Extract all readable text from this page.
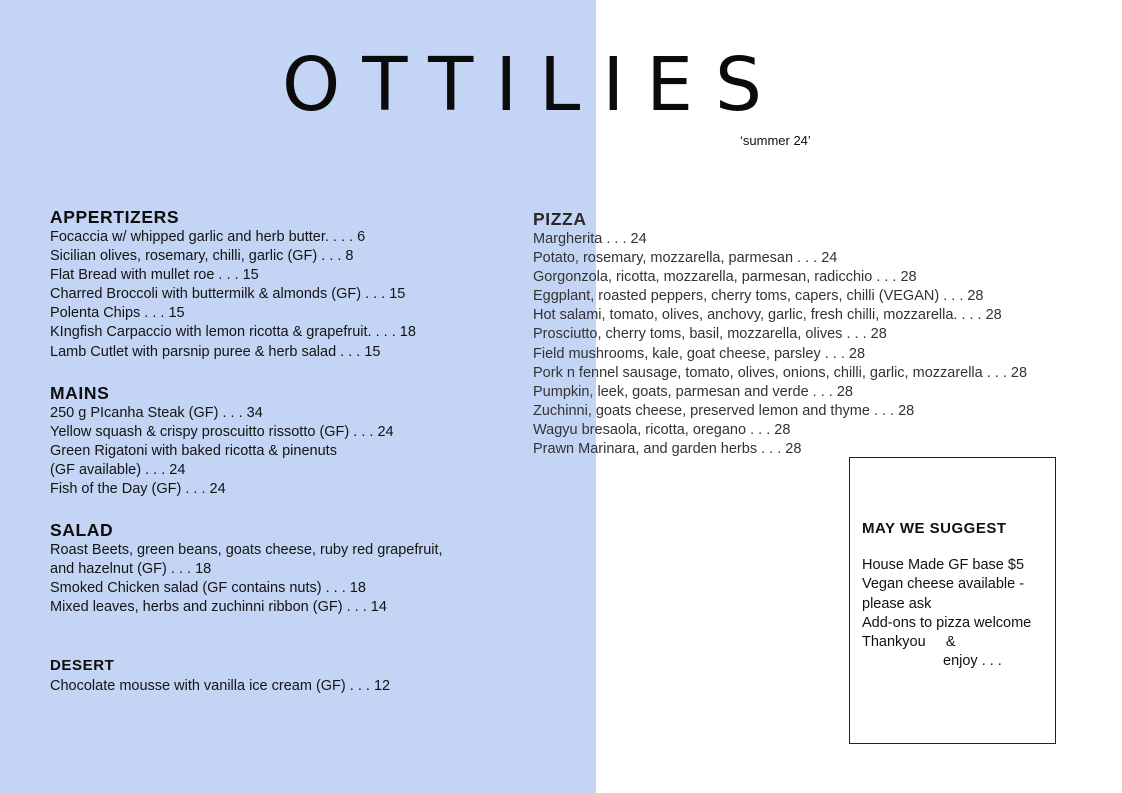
OTTILIES
‘summer 24’
APPERTIZERS
Focaccia w/ whipped garlic and herb butter. . . . 6
Sicilian olives, rosemary, chilli, garlic (GF) . . . 8
Flat Bread with mullet roe . . . 15
Charred Broccoli with buttermilk & almonds (GF) . . . 15
Polenta Chips . . . 15
KIngfish Carpaccio with lemon ricotta & grapefruit. . . . 18
Lamb Cutlet with parsnip puree & herb salad . . . 15
MAINS
250 g PIcanha Steak (GF) . . . 34
Yellow squash & crispy proscuitto rissotto (GF) . . . 24
Green Rigatoni with baked ricotta & pinenuts
(GF available) . . . 24
Fish of the Day (GF) . . . 24
SALAD
Roast Beets, green beans, goats cheese, ruby red grapefruit,
and hazelnut (GF) . . . 18
Smoked Chicken salad (GF contains nuts) . . . 18
Mixed leaves, herbs and zuchinni ribbon (GF) . . . 14
DESERT
Chocolate mousse with vanilla ice cream (GF) . . . 12
PIZZA
Margherita . . . 24
Potato, rosemary, mozzarella, parmesan . . . 24
Gorgonzola, ricotta, mozzarella, parmesan, radicchio . . . 28
Eggplant, roasted peppers, cherry toms, capers, chilli (VEGAN) . . . 28
Hot salami, tomato, olives, anchovy, garlic, fresh chilli, mozzarella. . . . 28
Prosciutto, cherry toms, basil, mozzarella, olives . . . 28
Field mushrooms, kale, goat cheese, parsley . . . 28
Pork n fennel sausage, tomato, olives, onions, chilli, garlic, mozzarella . . . 28
Pumpkin, leek, goats, parmesan and verde . . . 28
Zuchinni, goats cheese, preserved lemon and thyme . . . 28
Wagyu bresaola, ricotta, oregano . . . 28
Prawn Marinara, and garden herbs . . . 28
MAY WE SUGGEST
House Made GF base $5
Vegan cheese available -
please ask
Add-ons to pizza welcome
Thankyou     &
enjoy . . .
